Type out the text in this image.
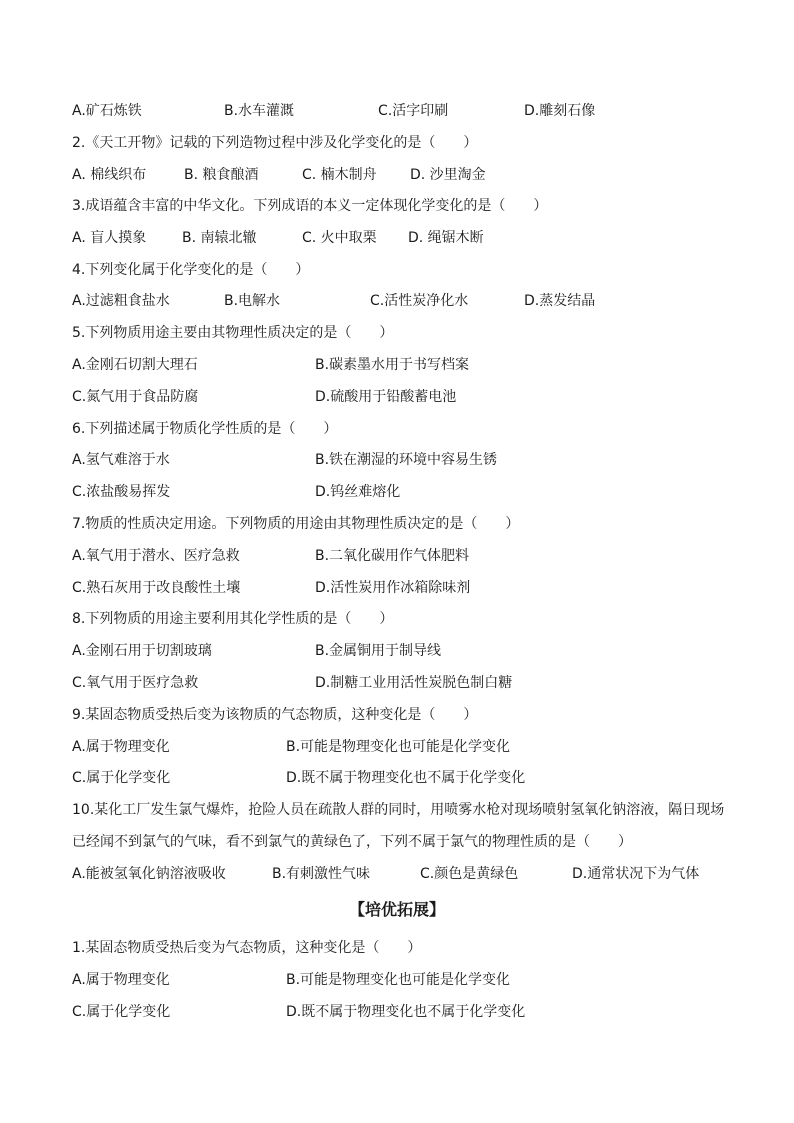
A.矿石炼铁	B.水车灌溉	C.活字印刷	D.雕刻石像
2.《天工开物》记载的下列造物过程中涉及化学变化的是（　　）
A. 棉线织布	B. 粮食酿酒	C. 楠木制舟 D. 沙里淘金
3.成语蕴含丰富的中华文化。下列成语的本义一定体现化学变化的是（　　）
A. 盲人摸象	B. 南辕北辙	C. 火中取栗 D. 绳锯木断
4.下列变化属于化学变化的是（　　）
A.过滤粗食盐水	B.电解水	C.活性炭净化水	D.蒸发结晶
5.下列物质用途主要由其物理性质决定的是（　　）
A.金刚石切割大理石	B.碳素墨水用于书写档案
C.氮气用于食品防腐	D.硫酸用于铅酸蓄电池
6.下列描述属于物质化学性质的是（　　）
A.氢气难溶于水	B.铁在潮湿的环境中容易生锈
C.浓盐酸易挥发	D.钨丝难熔化
7.物质的性质决定用途。下列物质的用途由其物理性质决定的是（　　）
A.氧气用于潜水、医疗急救	B.二氧化碳用作气体肥料
C.熟石灰用于改良酸性土壤	D.活性炭用作冰箱除味剂
8.下列物质的用途主要利用其化学性质的是（　　）
A.金刚石用于切割玻璃	B.金属铜用于制导线
C.氧气用于医疗急救	D.制糖工业用活性炭脱色制白糖
9.某固态物质受热后变为该物质的气态物质，这种变化是（　　）
A.属于物理变化	B.可能是物理变化也可能是化学变化
C.属于化学变化	D.既不属于物理变化也不属于化学变化
10.某化工厂发生氯气爆炸，抢险人员在疏散人群的同时，用喷雾水枪对现场喷射氢氧化钠溶液，隔日现场
已经闻不到氯气的气味，看不到氯气的黄绿色了，下列不属于氯气的物理性质的是（　　）
A.能被氢氧化钠溶液吸收	B.有刺激性气味	C.颜色是黄绿色	D.通常状况下为气体
【培优拓展】
1.某固态物质受热后变为气态物质，这种变化是（　　）
A.属于物理变化	B.可能是物理变化也可能是化学变化
C.属于化学变化	D.既不属于物理变化也不属于化学变化
